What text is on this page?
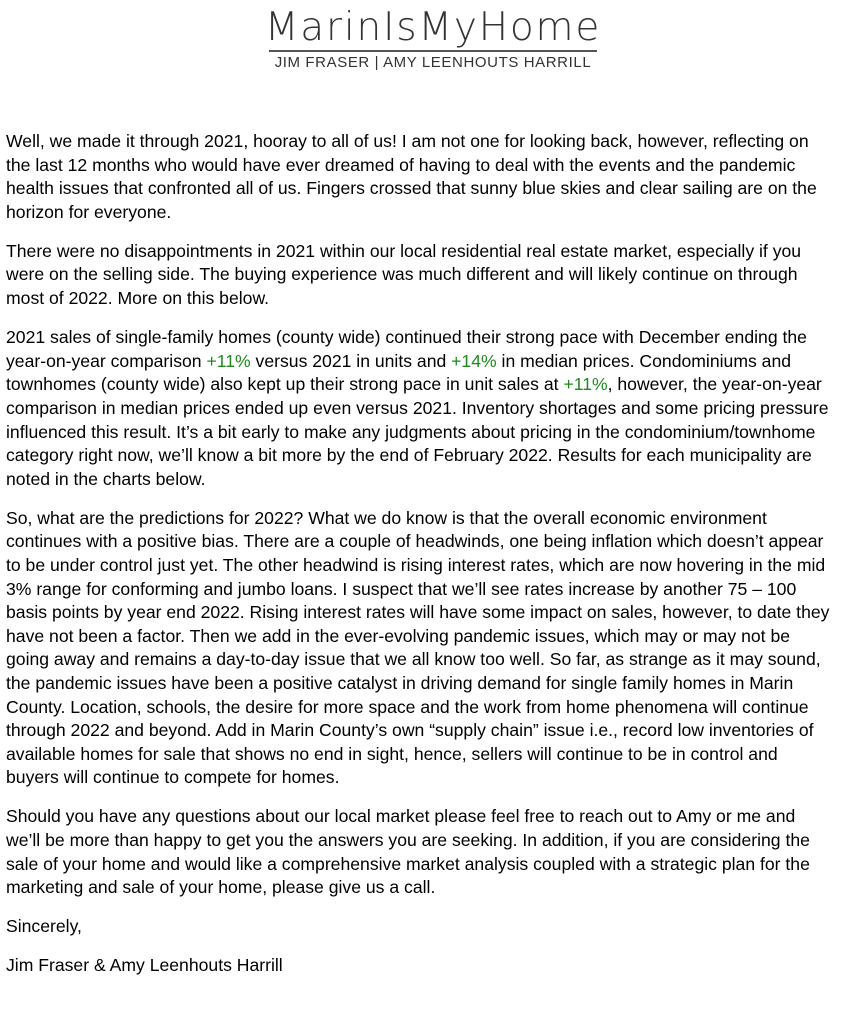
MarinIsMyHome
JIM FRASER | AMY LEENHOUTS HARRILL

Well, we made it through 2021, hooray to all of us! I am not one for looking back, however, reflecting on the last 12 months who would have ever dreamed of having to deal with the events and the pandemic health issues that confronted all of us. Fingers crossed that sunny blue skies and clear sailing are on the horizon for everyone.

There were no disappointments in 2021 within our local residential real estate market, especially if you were on the selling side. The buying experience was much different and will likely continue on through most of 2022. More on this below.

2021 sales of single-family homes (county wide) continued their strong pace with December ending the year-on-year comparison +11% versus 2021 in units and +14% in median prices. Condominiums and townhomes (county wide) also kept up their strong pace in unit sales at +11%, however, the year-on-year comparison in median prices ended up even versus 2021. Inventory shortages and some pricing pressure influenced this result. It’s a bit early to make any judgments about pricing in the condominium/townhome category right now, we’ll know a bit more by the end of February 2022. Results for each municipality are noted in the charts below.

So, what are the predictions for 2022? What we do know is that the overall economic environment continues with a positive bias. There are a couple of headwinds, one being inflation which doesn’t appear to be under control just yet. The other headwind is rising interest rates, which are now hovering in the mid 3% range for conforming and jumbo loans. I suspect that we’ll see rates increase by another 75 – 100 basis points by year end 2022. Rising interest rates will have some impact on sales, however, to date they have not been a factor. Then we add in the ever-evolving pandemic issues, which may or may not be going away and remains a day-to-day issue that we all know too well. So far, as strange as it may sound, the pandemic issues have been a positive catalyst in driving demand for single family homes in Marin County. Location, schools, the desire for more space and the work from home phenomena will continue through 2022 and beyond. Add in Marin County’s own “supply chain” issue i.e., record low inventories of available homes for sale that shows no end in sight, hence, sellers will continue to be in control and buyers will continue to compete for homes.

Should you have any questions about our local market please feel free to reach out to Amy or me and we’ll be more than happy to get you the answers you are seeking. In addition, if you are considering the sale of your home and would like a comprehensive market analysis coupled with a strategic plan for the marketing and sale of your home, please give us a call.

Sincerely,

Jim Fraser & Amy Leenhouts Harrill
